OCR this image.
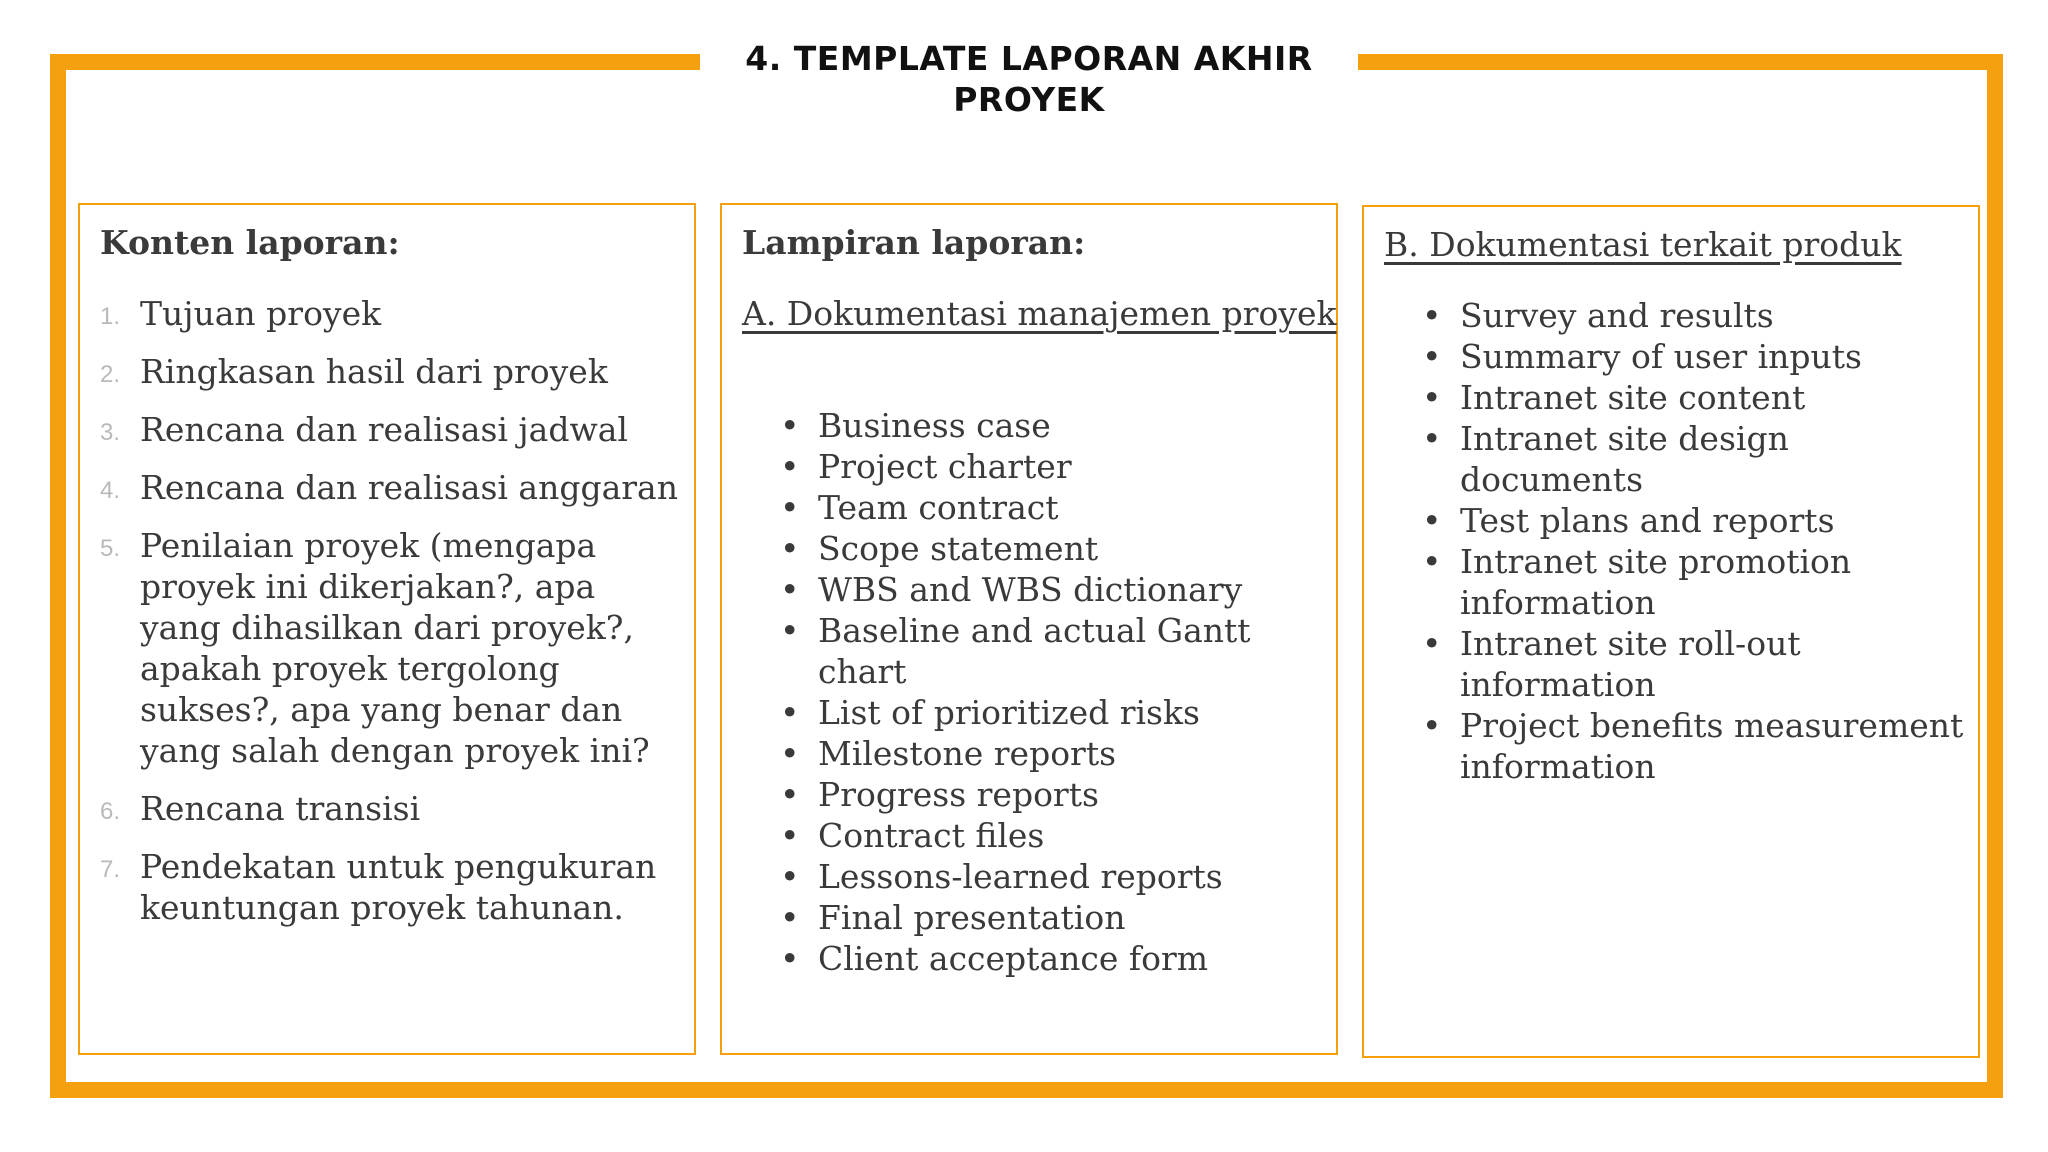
4. TEMPLATE LAPORAN AKHIR
PROYEK
Konten laporan:
1. Tujuan proyek
2. Ringkasan hasil dari proyek
3. Rencana dan realisasi jadwal
4. Rencana dan realisasi anggaran
5. Penilaian proyek (mengapa proyek ini dikerjakan?, apa yang dihasilkan dari proyek?, apakah proyek tergolong sukses?, apa yang benar dan yang salah dengan proyek ini?
6. Rencana transisi
7. Pendekatan untuk pengukuran keuntungan proyek tahunan.
Lampiran laporan:
A. Dokumentasi manajemen proyek
• Business case
• Project charter
• Team contract
• Scope statement
• WBS and WBS dictionary
• Baseline and actual Gantt chart
• List of prioritized risks
• Milestone reports
• Progress reports
• Contract files
• Lessons-learned reports
• Final presentation
• Client acceptance form
B. Dokumentasi terkait produk
• Survey and results
• Summary of user inputs
• Intranet site content
• Intranet site design documents
• Test plans and reports
• Intranet site promotion information
• Intranet site roll-out information
• Project benefits measurement information
